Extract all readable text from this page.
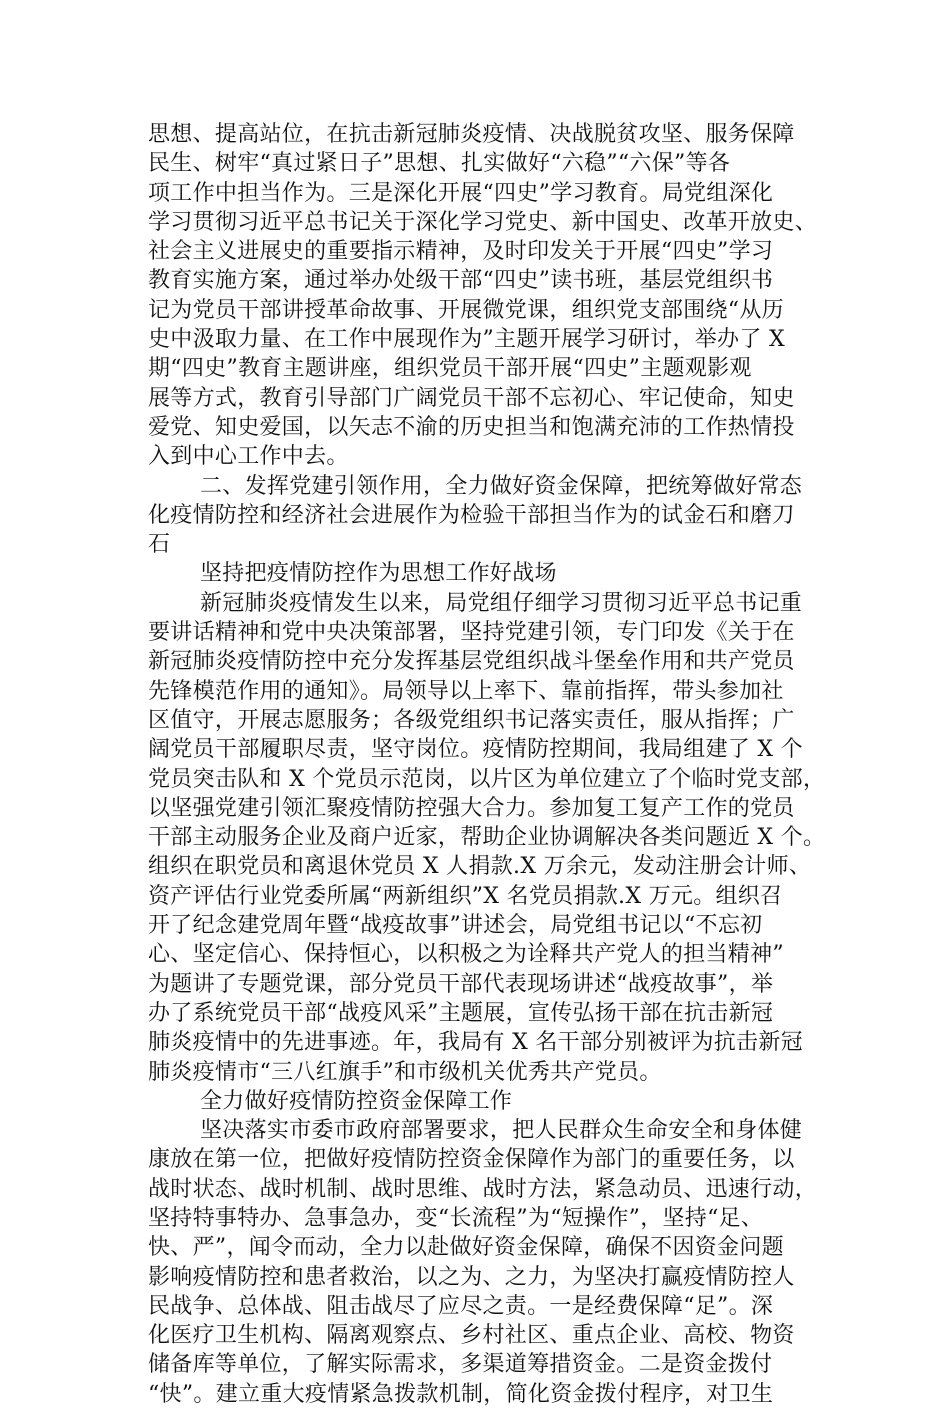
思想、提高站位，在抗击新冠肺炎疫情、决战脱贫攻坚、服务保障
民生、树牢“真过紧日子”思想、扎实做好“六稳”“六保”等各
项工作中担当作为。三是深化开展“四史”学习教育。局党组深化
学习贯彻习近平总书记关于深化学习党史、新中国史、改革开放史、
社会主义进展史的重要指示精神，及时印发关于开展“四史”学习
教育实施方案，通过举办处级干部“四史”读书班，基层党组织书
记为党员干部讲授革命故事、开展微党课，组织党支部围绕“从历
史中汲取力量、在工作中展现作为”主题开展学习研讨，举办了 X
期“四史”教育主题讲座，组织党员干部开展“四史”主题观影观
展等方式，教育引导部门广阔党员干部不忘初心、牢记使命，知史
爱党、知史爱国，以矢志不渝的历史担当和饱满充沛的工作热情投
入到中心工作中去。
二、发挥党建引领作用，全力做好资金保障，把统筹做好常态
化疫情防控和经济社会进展作为检验干部担当作为的试金石和磨刀
石
坚持把疫情防控作为思想工作好战场
新冠肺炎疫情发生以来，局党组仔细学习贯彻习近平总书记重
要讲话精神和党中央决策部署，坚持党建引领，专门印发《关于在
新冠肺炎疫情防控中充分发挥基层党组织战斗堡垒作用和共产党员
先锋模范作用的通知》。局领导以上率下、靠前指挥，带头参加社
区值守，开展志愿服务；各级党组织书记落实责任，服从指挥；广
阔党员干部履职尽责，坚守岗位。疫情防控期间，我局组建了 X 个
党员突击队和 X 个党员示范岗，以片区为单位建立了个临时党支部，
以坚强党建引领汇聚疫情防控强大合力。参加复工复产工作的党员
干部主动服务企业及商户近家，帮助企业协调解决各类问题近 X 个。
组织在职党员和离退休党员 X 人捐款.X 万余元，发动注册会计师、
资产评估行业党委所属“两新组织”X 名党员捐款.X 万元。组织召
开了纪念建党周年暨“战疫故事”讲述会，局党组书记以“不忘初
心、坚定信心、保持恒心，以积极之为诠释共产党人的担当精神”
为题讲了专题党课，部分党员干部代表现场讲述“战疫故事”，举
办了系统党员干部“战疫风采”主题展，宣传弘扬干部在抗击新冠
肺炎疫情中的先进事迹。年，我局有 X 名干部分别被评为抗击新冠
肺炎疫情市“三八红旗手”和市级机关优秀共产党员。
全力做好疫情防控资金保障工作
坚决落实市委市政府部署要求，把人民群众生命安全和身体健
康放在第一位，把做好疫情防控资金保障作为部门的重要任务，以
战时状态、战时机制、战时思维、战时方法，紧急动员、迅速行动，
坚持特事特办、急事急办，变“长流程”为“短操作”，坚持“足、
快、严”，闻令而动，全力以赴做好资金保障，确保不因资金问题
影响疫情防控和患者救治，以之为、之力，为坚决打赢疫情防控人
民战争、总体战、阻击战尽了应尽之责。一是经费保障“足”。深
化医疗卫生机构、隔离观察点、乡村社区、重点企业、高校、物资
储备库等单位，了解实际需求，多渠道筹措资金。二是资金拨付
“快”。建立重大疫情紧急拨款机制，简化资金拨付程序，对卫生
